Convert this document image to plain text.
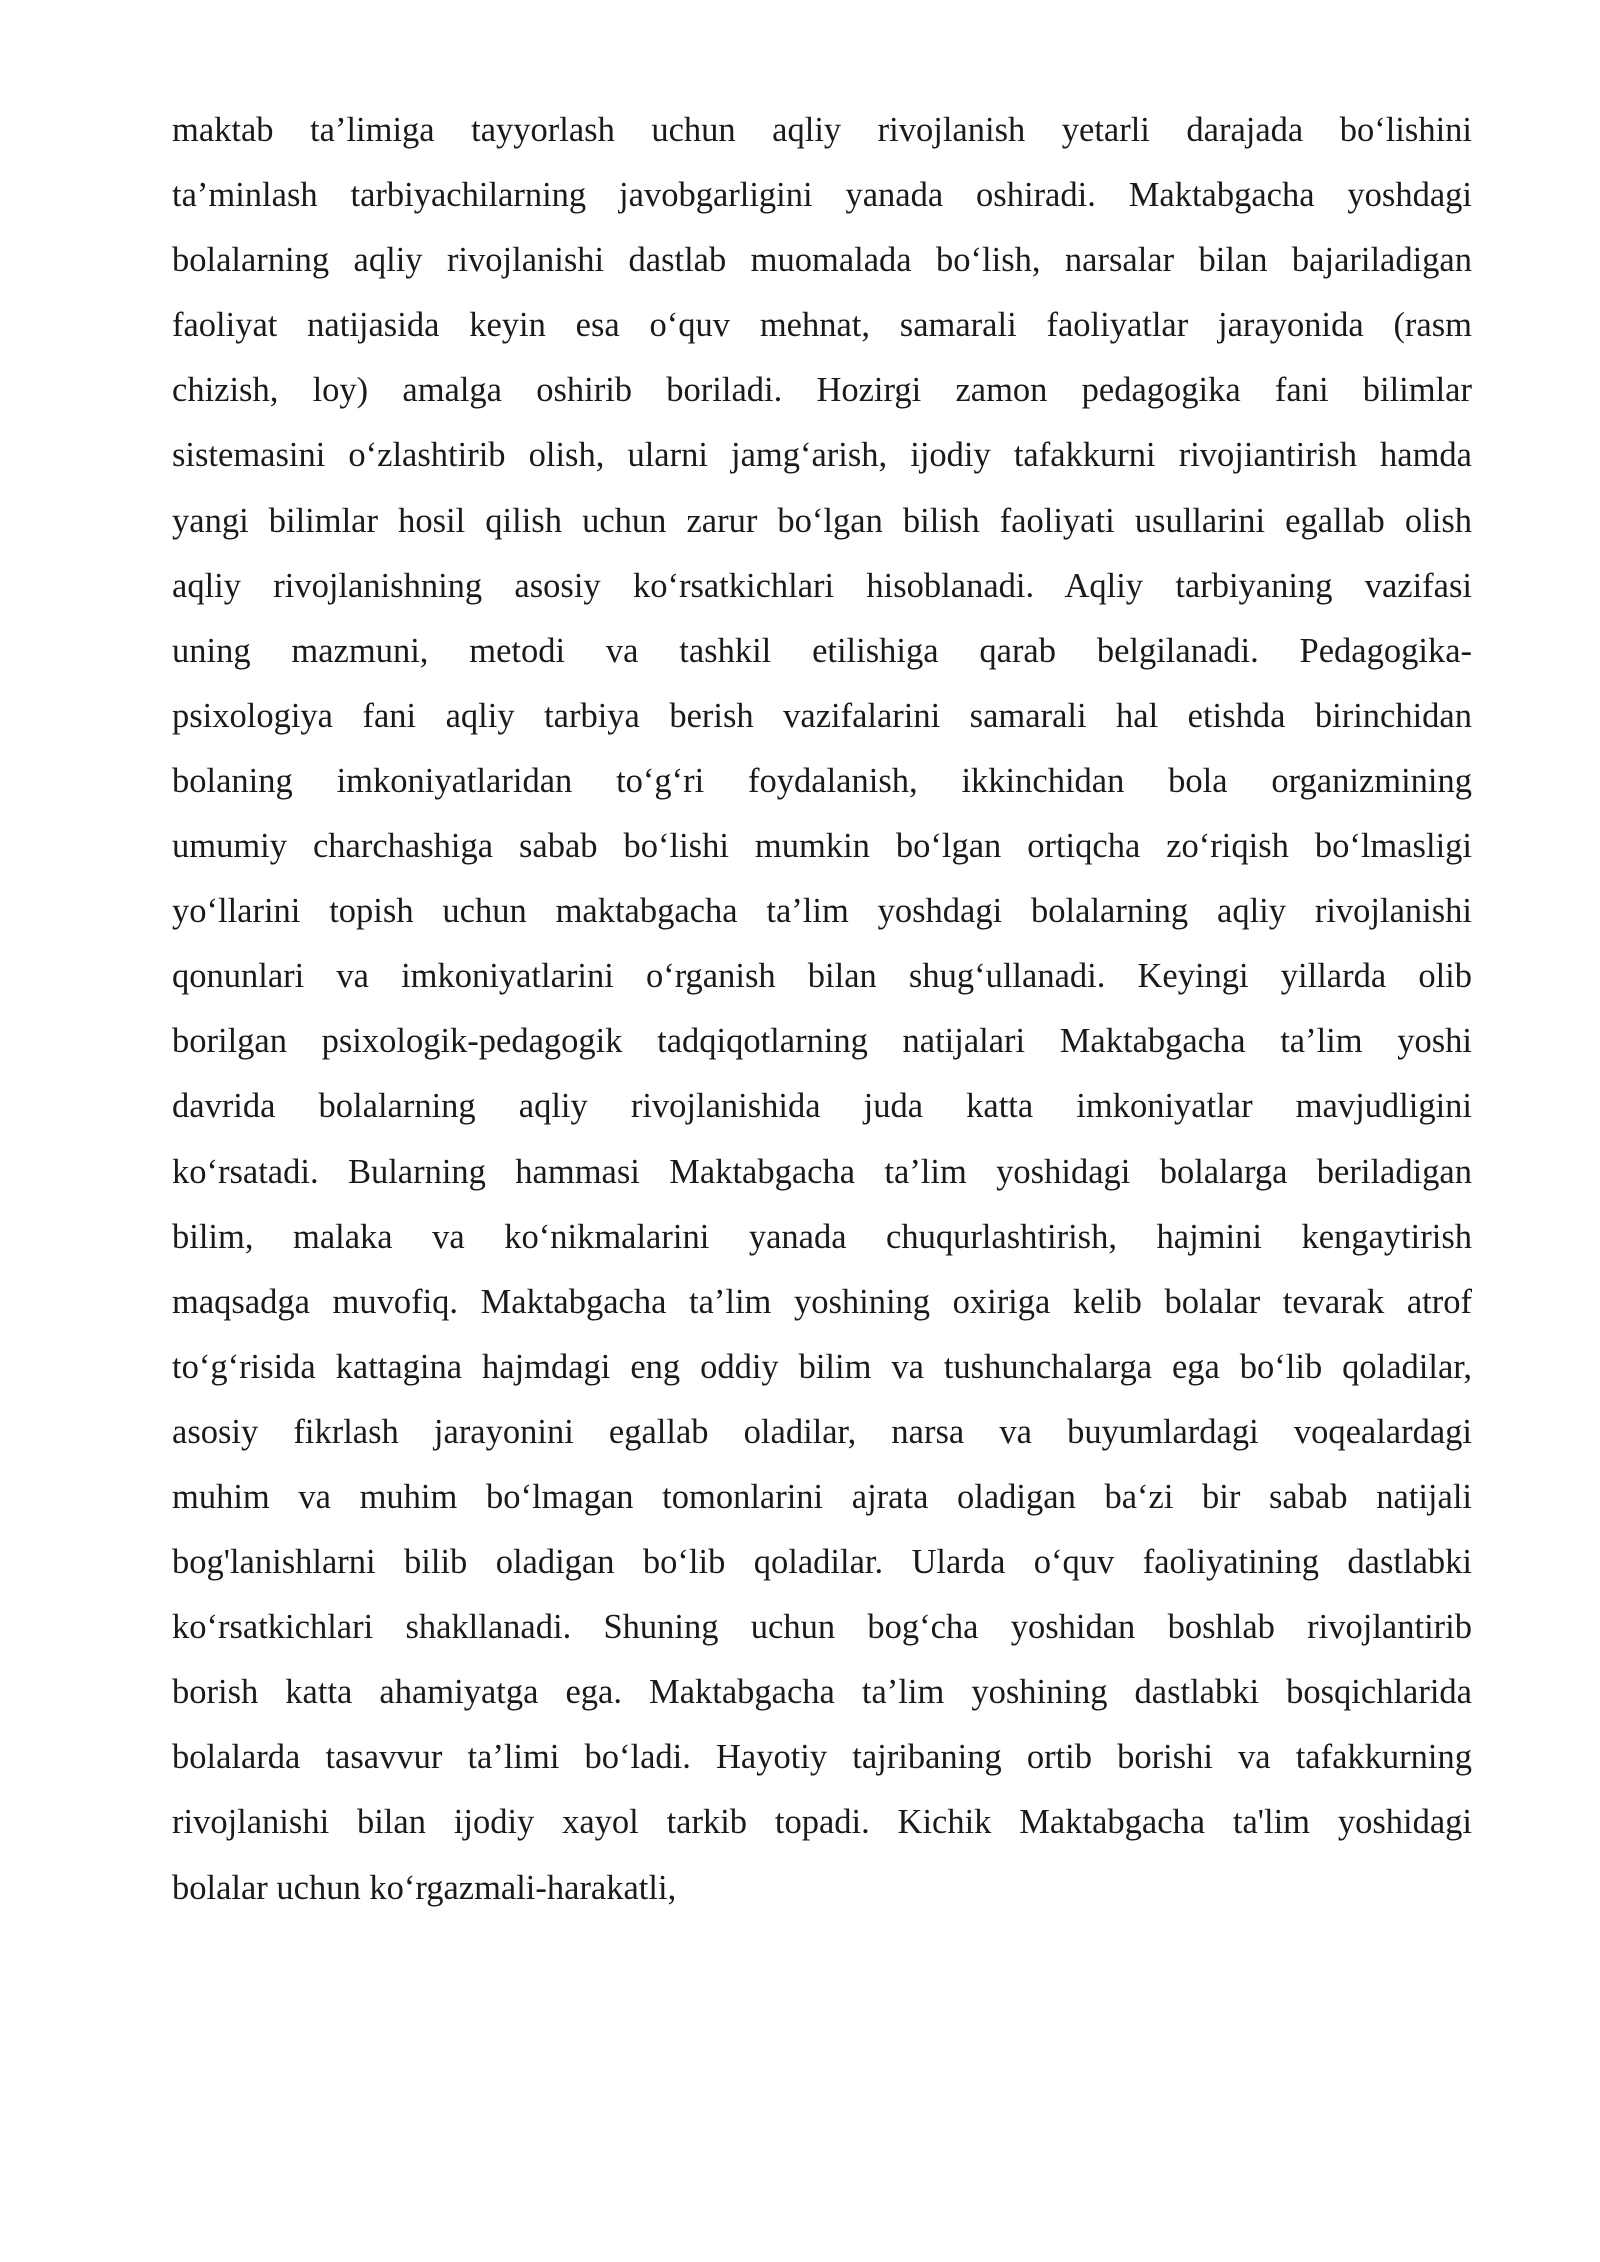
maktab ta’limiga tayyorlash uchun aqliy rivojlanish yetarli darajada bo‘lishini
ta’minlash tarbiyachilarning javobgarligini yanada oshiradi. Maktabgacha yoshdagi
bolalarning aqliy rivojlanishi dastlab muomalada bo‘lish, narsalar bilan bajariladigan
faoliyat natijasida keyin esa o‘quv mehnat, samarali faoliyatlar jarayonida (rasm
chizish, loy) amalga oshirib boriladi. Hozirgi zamon pedagogika fani bilimlar
sistemasini o‘zlashtirib olish, ularni jamg‘arish, ijodiy tafakkurni rivojiantirish hamda
yangi bilimlar hosil qilish uchun zarur bo‘lgan bilish faoliyati usullarini egallab olish
aqliy rivojlanishning asosiy ko‘rsatkichlari hisoblanadi. Aqliy tarbiyaning vazifasi
uning mazmuni, metodi va tashkil etilishiga qarab belgilanadi. Pedagogika-
psixologiya fani aqliy tarbiya berish vazifalarini samarali hal etishda birinchidan
bolaning imkoniyatlaridan to‘g‘ri foydalanish, ikkinchidan bola organizmining
umumiy charchashiga sabab bo‘lishi mumkin bo‘lgan ortiqcha zo‘riqish bo‘lmasligi
yo‘llarini topish uchun maktabgacha ta’lim yoshdagi bolalarning aqliy rivojlanishi
qonunlari va imkoniyatlarini o‘rganish bilan shug‘ullanadi. Keyingi yillarda olib
borilgan psixologik-pedagogik tadqiqotlarning natijalari Maktabgacha ta’lim yoshi
davrida bolalarning aqliy rivojlanishida juda katta imkoniyatlar mavjudligini
ko‘rsatadi. Bularning hammasi Maktabgacha ta’lim yoshidagi bolalarga beriladigan
bilim, malaka va ko‘nikmalarini yanada chuqurlashtirish, hajmini kengaytirish
maqsadga muvofiq. Maktabgacha ta’lim yoshining oxiriga kelib bolalar tevarak atrof
to‘g‘risida kattagina hajmdagi eng oddiy bilim va tushunchalarga ega bo‘lib qoladilar,
asosiy fikrlash jarayonini egallab oladilar, narsa va buyumlardagi voqealardagi
muhim va muhim bo‘lmagan tomonlarini ajrata oladigan ba‘zi bir sabab natijali
bog'lanishlarni bilib oladigan bo‘lib qoladilar. Ularda o‘quv faoliyatining dastlabki
ko‘rsatkichlari shakllanadi. Shuning uchun bog‘cha yoshidan boshlab rivojlantirib
borish katta ahamiyatga ega. Maktabgacha ta’lim yoshining dastlabki bosqichlarida
bolalarda tasavvur ta’limi bo‘ladi. Hayotiy tajribaning ortib borishi va tafakkurning
rivojlanishi bilan ijodiy xayol tarkib topadi. Kichik Maktabgacha ta'lim yoshidagi
bolalar uchun ko‘rgazmali-harakatli,
